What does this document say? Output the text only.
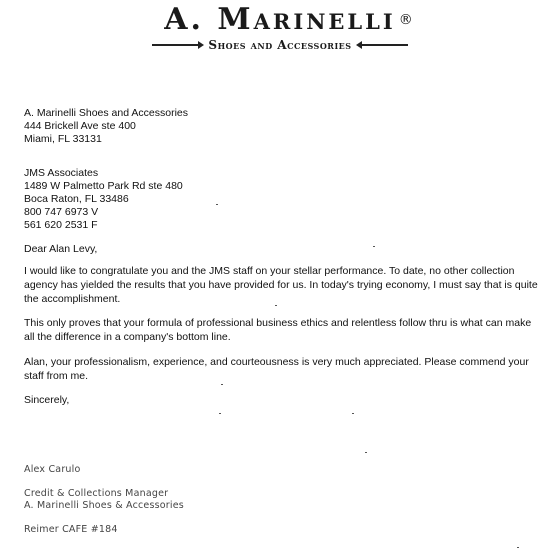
A. Marinelli ®
Shoes and Accessories
A. Marinelli Shoes and Accessories
444 Brickell Ave ste 400
Miami, FL 33131
JMS Associates
1489 W Palmetto Park Rd ste 480
Boca Raton, FL 33486
800 747 6973 V
561 620 2531 F
Dear Alan Levy,
I would like to congratulate you and the JMS staff on your stellar performance. To date, no other collection agency has yielded the results that you have provided for us. In today's trying economy, I must say that is quite the accomplishment.
This only proves that your formula of professional business ethics and relentless follow thru is what can make all the difference in a company's bottom line.
Alan, your professionalism, experience, and courteousness is very much appreciated. Please commend your staff from me.
Sincerely,
Alex Carulo
Credit & Collections Manager
A. Marinelli Shoes & Accessories
Reimer CAFE #184
